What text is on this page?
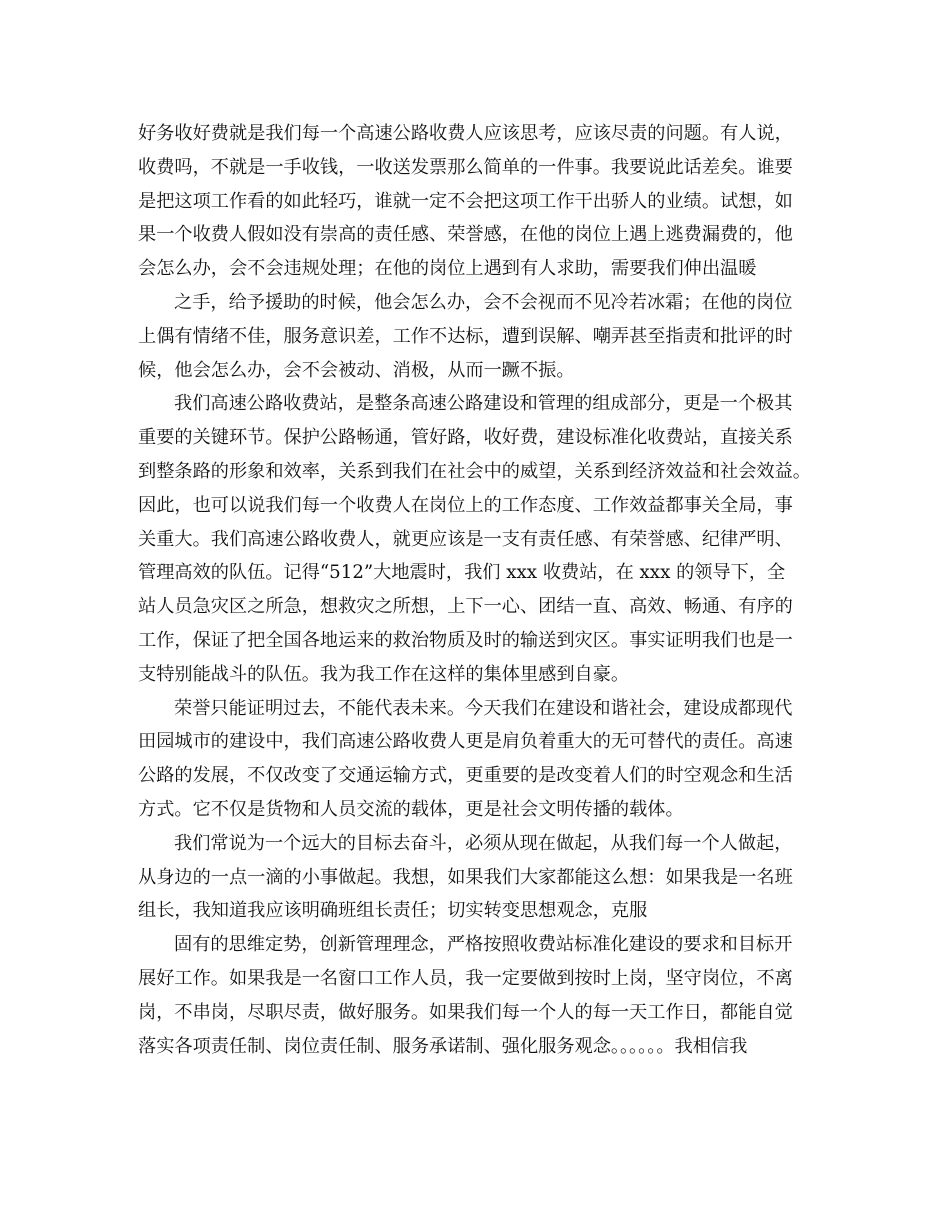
好务收好费就是我们每一个高速公路收费人应该思考，应该尽责的问题。有人说，
收费吗，不就是一手收钱，一收送发票那么简单的一件事。我要说此话差矣。谁要
是把这项工作看的如此轻巧，谁就一定不会把这项工作干出骄人的业绩。试想，如
果一个收费人假如没有崇高的责任感、荣誉感，在他的岗位上遇上逃费漏费的，他
会怎么办，会不会违规处理；在他的岗位上遇到有人求助，需要我们伸出温暖
之手，给予援助的时候，他会怎么办，会不会视而不见冷若冰霜；在他的岗位
上偶有情绪不佳，服务意识差，工作不达标，遭到误解、嘲弄甚至指责和批评的时
候，他会怎么办，会不会被动、消极，从而一蹶不振。
我们高速公路收费站，是整条高速公路建设和管理的组成部分，更是一个极其
重要的关键环节。保护公路畅通，管好路，收好费，建设标准化收费站，直接关系
到整条路的形象和效率，关系到我们在社会中的威望，关系到经济效益和社会效益。
因此，也可以说我们每一个收费人在岗位上的工作态度、工作效益都事关全局，事
关重大。我们高速公路收费人，就更应该是一支有责任感、有荣誉感、纪律严明、
管理高效的队伍。记得“512”大地震时，我们 xxx 收费站，在 xxx 的领导下，全
站人员急灾区之所急，想救灾之所想，上下一心、团结一直、高效、畅通、有序的
工作，保证了把全国各地运来的救治物质及时的输送到灾区。事实证明我们也是一
支特别能战斗的队伍。我为我工作在这样的集体里感到自豪。
荣誉只能证明过去，不能代表未来。今天我们在建设和谐社会，建设成都现代
田园城市的建设中，我们高速公路收费人更是肩负着重大的无可替代的责任。高速
公路的发展，不仅改变了交通运输方式，更重要的是改变着人们的时空观念和生活
方式。它不仅是货物和人员交流的载体，更是社会文明传播的载体。
我们常说为一个远大的目标去奋斗，必须从现在做起，从我们每一个人做起，
从身边的一点一滴的小事做起。我想，如果我们大家都能这么想：如果我是一名班
组长，我知道我应该明确班组长责任；切实转变思想观念，克服
固有的思维定势，创新管理理念，严格按照收费站标准化建设的要求和目标开
展好工作。如果我是一名窗口工作人员，我一定要做到按时上岗，坚守岗位，不离
岗，不串岗，尽职尽责，做好服务。如果我们每一个人的每一天工作日，都能自觉
落实各项责任制、岗位责任制、服务承诺制、强化服务观念。。。。。。我相信我
